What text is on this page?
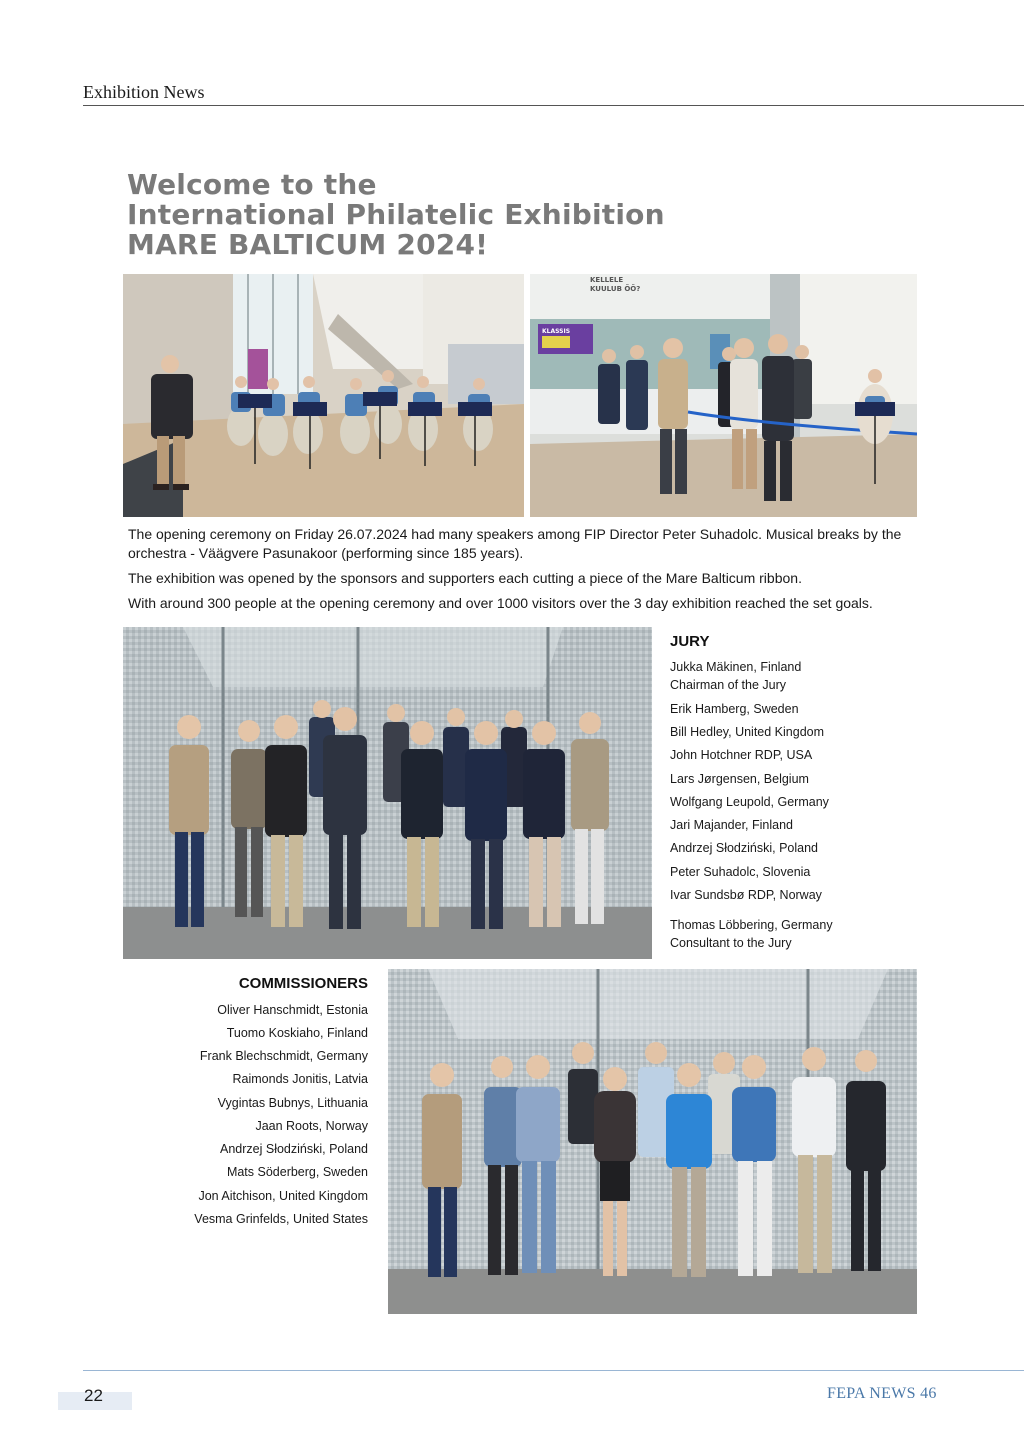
Exhibition News
Welcome to the
International Philatelic Exhibition
MARE BALTICUM 2024!
KELLELE
KUULUB ÕÕ?
KLASSIS
The opening ceremony on Friday 26.07.2024 had many speakers among FIP Director Peter Suhadolc. Musical breaks by the orchestra - Väägvere Pasunakoor (performing since 185 years).
The exhibition was opened by the sponsors and supporters each cutting a piece of the Mare Balticum ribbon.
With around 300 people at the opening ceremony and over 1000 visitors over the 3 day exhibition reached the set goals.
JURY
Jukka Mäkinen, Finland
Chairman of the Jury
Erik Hamberg, Sweden
Bill Hedley, United Kingdom
John Hotchner RDP, USA
Lars Jørgensen, Belgium
Wolfgang Leupold, Germany
Jari Majander, Finland
Andrzej Słodziński, Poland
Peter Suhadolc, Slovenia
Ivar Sundsbø RDP, Norway
Thomas Löbbering, Germany
Consultant to the Jury
COMMISSIONERS
Oliver Hanschmidt, Estonia
Tuomo Koskiaho, Finland
Frank Blechschmidt, Germany
Raimonds Jonitis, Latvia
Vygintas Bubnys, Lithuania
Jaan Roots, Norway
Andrzej Słodziński, Poland
Mats Söderberg, Sweden
Jon Aitchison, United Kingdom
Vesma Grinfelds, United States
22	FEPA NEWS 46
